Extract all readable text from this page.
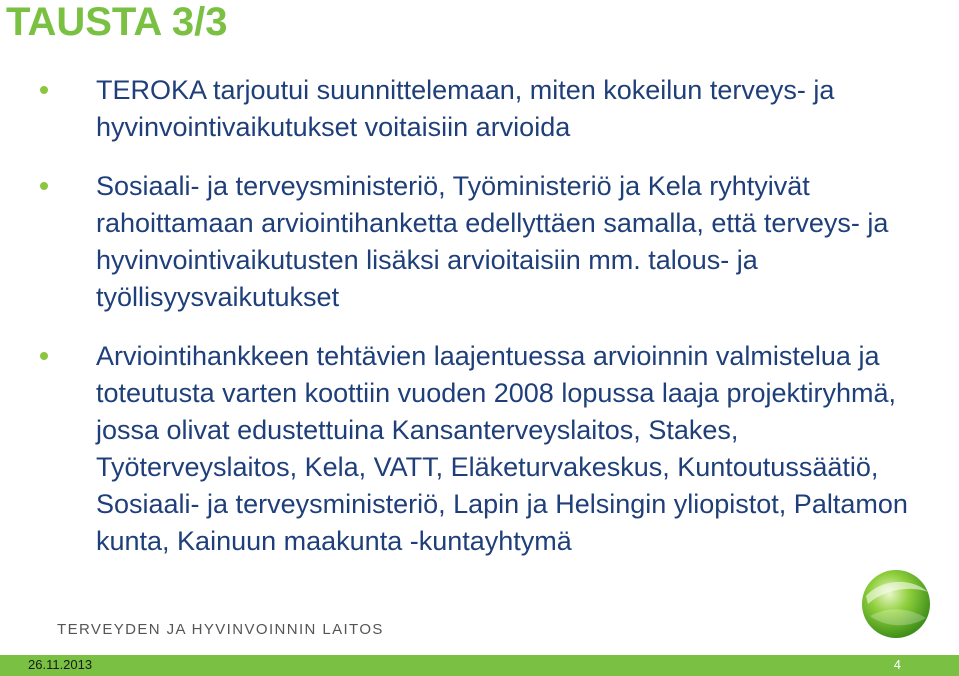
TAUSTA 3/3
TEROKA tarjoutui suunnittelemaan, miten kokeilun terveys- ja hyvinvointivaikutukset voitaisiin arvioida
Sosiaali- ja terveysministeriö, Työministeriö ja Kela ryhtyivät rahoittamaan arviointihanketta edellyttäen samalla, että terveys- ja hyvinvointivaikutusten lisäksi arvioitaisiin mm. talous- ja työllisyysvaikutukset
Arviointihankkeen tehtävien laajentuessa arvioinnin valmistelua ja toteutusta varten koottiin vuoden 2008 lopussa laaja projektiryhmä, jossa olivat edustettuina Kansanterveyslaitos, Stakes, Työterveyslaitos, Kela, VATT, Eläketurvakeskus, Kuntoutussäätiö, Sosiaali- ja terveysministeriö, Lapin ja Helsingin yliopistot, Paltamon kunta, Kainuun maakunta -kuntayhtymä
TERVEYDEN JA HYVINVOINNIN LAITOS
26.11.2013	4
